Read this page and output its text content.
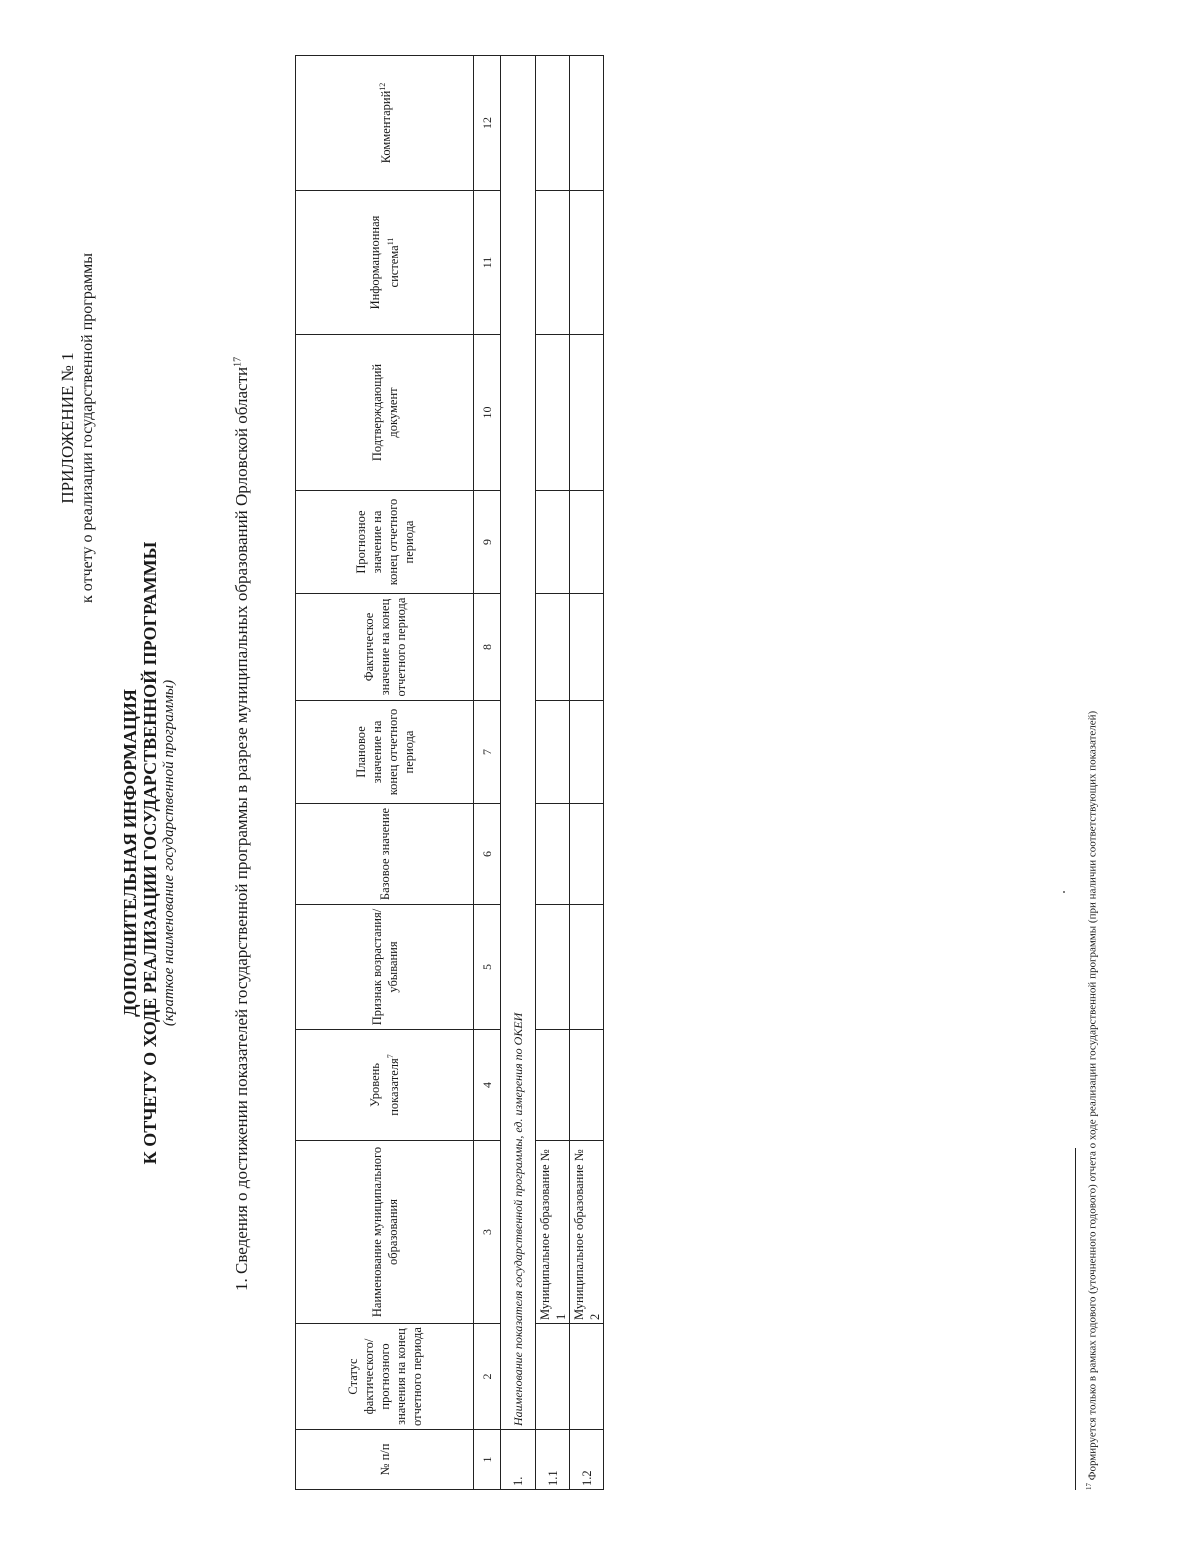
ПРИЛОЖЕНИЕ № 1 к отчету о реализации государственной программы
ДОПОЛНИТЕЛЬНАЯ ИНФОРМАЦИЯ К ОТЧЕТУ О ХОДЕ РЕАЛИЗАЦИИ ГОСУДАРСТВЕННОЙ ПРОГРАММЫ (краткое наименование государственной программы)	1. Сведения о достижении показателей государственной программы в разрезе муниципальных образований Орловской области$^{17}$
№ п/п	Статус фактического/ прогнозного значения на конец отчетного периода	Наименование муниципального образования	Уровень показателя$^7$	Признак возрастания/ убывания	Базовое значение	Плановое значение на конец отчетного периода	Фактическое значение на конец отчетного периода	Прогнозное значение на конец отчетного периода	Подтверждающий документ	Информационная система$^{11}$	Комментарий$^{12}$
1	2	3	4	5	6	7	8	9	10	11	12
1.	Наименование показателя государственной программы, ед. измерения по ОКЕИ										
1.1		Муниципальное образование № 1									
1.2		Муниципальное образование № 2									
$^{17}$ Формируется только в рамках годового (уточненного годового) отчета о ходе реализации государственной программы (при наличии соответствующих показателей)
